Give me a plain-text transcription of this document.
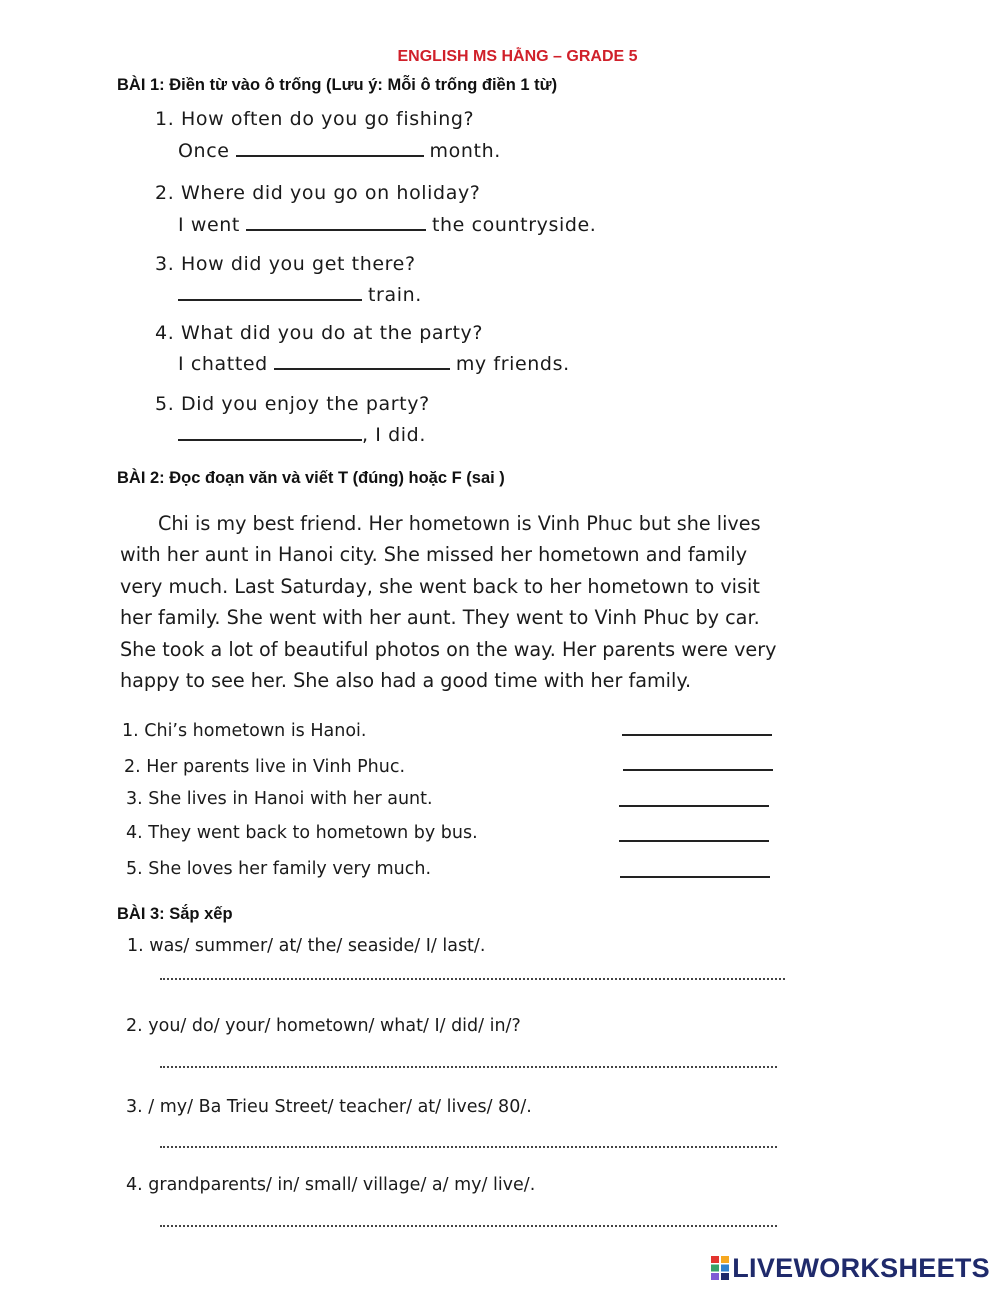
ENGLISH MS HẰNG – GRADE 5
BÀI 1: Điền từ vào ô trống (Lưu ý: Mỗi ô trống điền 1 từ)
1. How often do you go fishing?
Once	month.
2. Where did you go on holiday?
I went	the countryside.
3. How did you get there?
train.
4. What did you do at the party?
I chatted	my friends.
5. Did you enjoy the party?
, I did.
BÀI 2: Đọc đoạn văn và viết T (đúng) hoặc F (sai )
Chi is my best friend. Her hometown is Vinh Phuc but she lives
with her aunt in Hanoi city. She missed her hometown and family
very much. Last Saturday, she went back to her hometown to visit
her family. She went with her aunt. They went to Vinh Phuc by car.
She took a lot of beautiful photos on the way. Her parents were very
happy to see her. She also had a good time with her family.
1. Chi’s hometown is Hanoi.
2. Her parents live in Vinh Phuc.
3. She lives in Hanoi with her aunt.
4. They went back to hometown by bus.
5. She loves her family very much.
BÀI 3: Sắp xếp
1. was/ summer/ at/ the/ seaside/ I/ last/.
2. you/ do/ your/ hometown/ what/ I/ did/ in/?
3. / my/ Ba Trieu Street/ teacher/ at/ lives/ 80/.
4. grandparents/ in/ small/ village/ a/ my/ live/.
LIVEWORKSHEETS
